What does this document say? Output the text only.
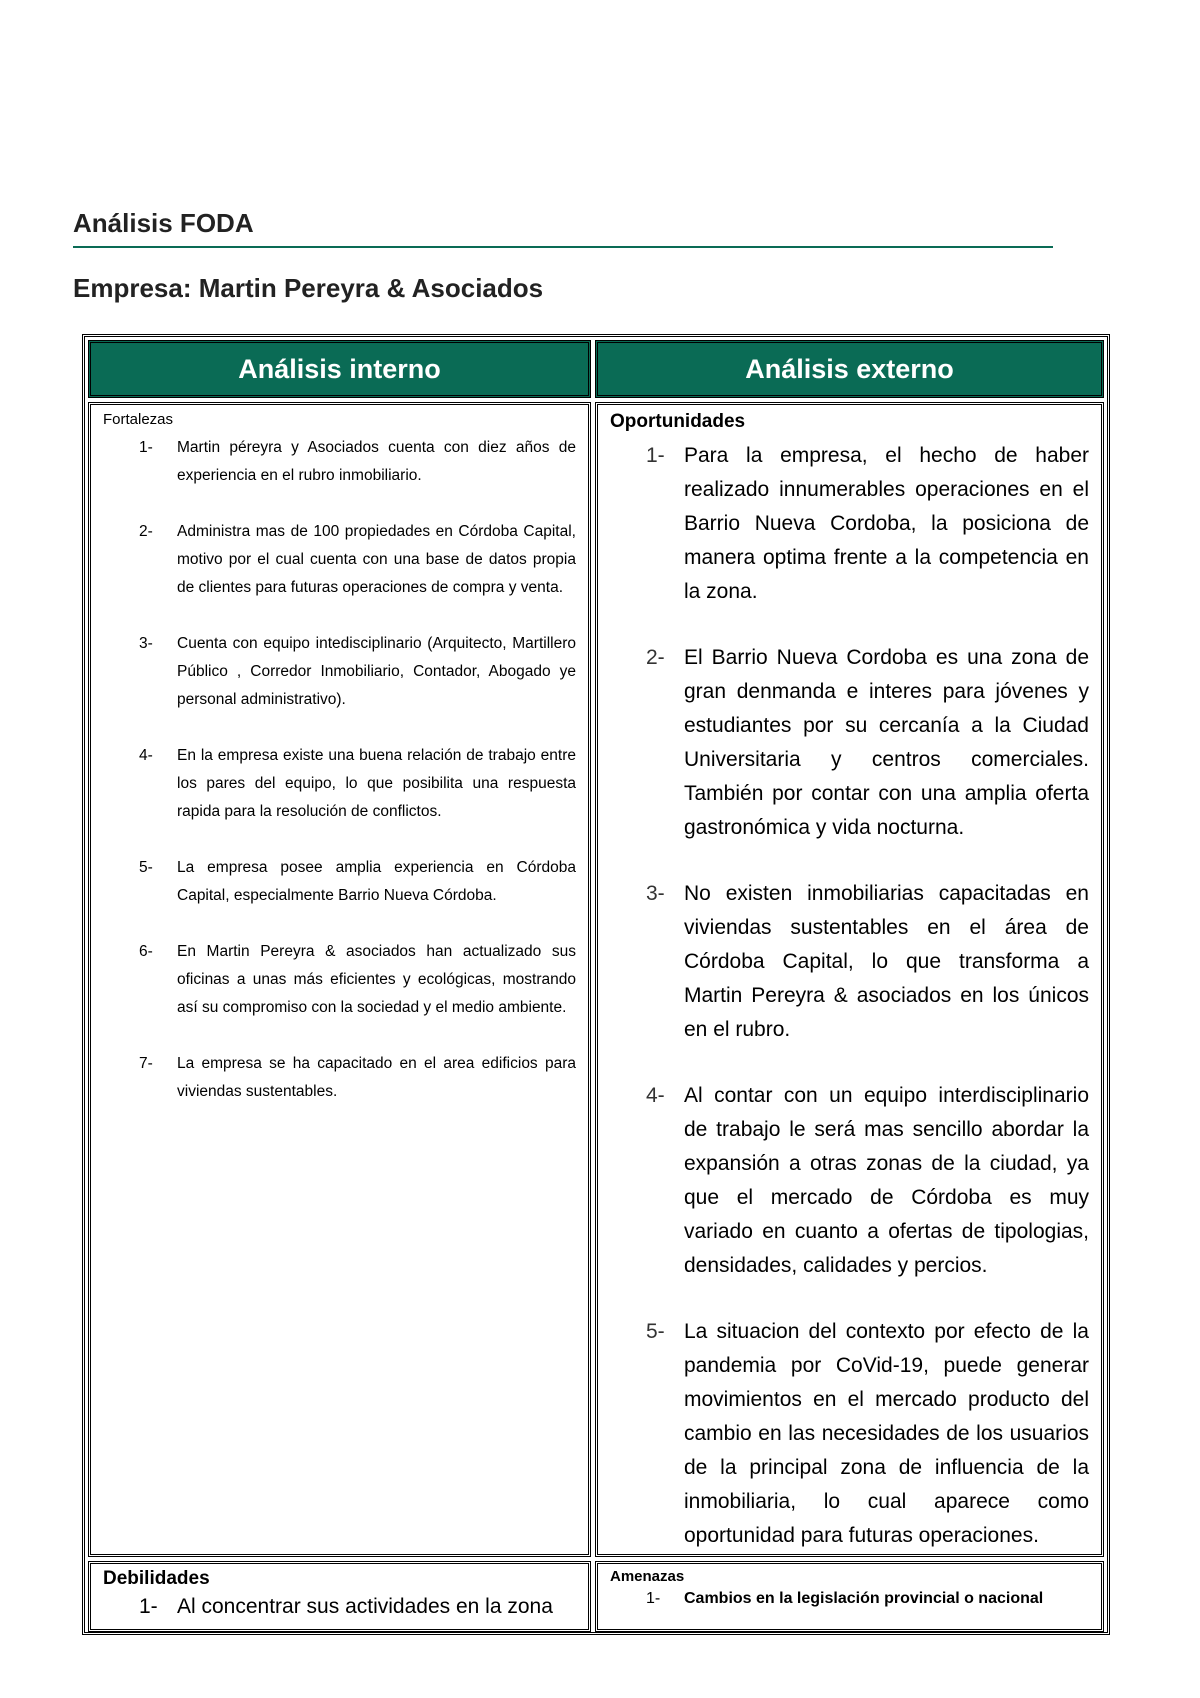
Análisis FODA
Empresa: Martin Pereyra & Asociados
Análisis interno	Análisis externo
Fortalezas
1- Martin péreyra y Asociados cuenta con diez años de experiencia en el rubro inmobiliario.
2- Administra mas de 100 propiedades en Córdoba Capital, motivo por el cual cuenta con una base de datos propia de clientes para futuras operaciones de compra y venta.
3- Cuenta con equipo intedisciplinario (Arquitecto, Martillero Público , Corredor Inmobiliario, Contador, Abogado ye personal administrativo).
4- En la empresa existe una buena relación de trabajo entre los pares del equipo, lo que posibilita una respuesta rapida para la resolución de conflictos.
5- La empresa posee amplia experiencia en Córdoba Capital, especialmente Barrio Nueva Córdoba.
6- En Martin Pereyra & asociados han actualizado sus oficinas a unas más eficientes y ecológicas, mostrando así su compromiso con la sociedad y el medio ambiente.
7- La empresa se ha capacitado en el area edificios para viviendas sustentables.
Oportunidades
1- Para la empresa, el hecho de haber realizado innumerables operaciones en el Barrio Nueva Cordoba, la posiciona de manera optima frente a la competencia en la zona.
2- El Barrio Nueva Cordoba es una zona de gran denmanda e interes para jóvenes y estudiantes por su cercanía a la Ciudad Universitaria y centros comerciales. También por contar con una amplia oferta gastronómica y vida nocturna.
3- No existen inmobiliarias capacitadas en viviendas sustentables en el área de Córdoba Capital, lo que transforma a Martin Pereyra & asociados en los únicos en el rubro.
4- Al contar con un equipo interdisciplinario de trabajo le será mas sencillo abordar la expansión a otras zonas de la ciudad, ya que el mercado de Córdoba es muy variado en cuanto a ofertas de tipologias, densidades, calidades y percios.
5- La situacion del contexto por efecto de la pandemia por CoVid-19, puede generar movimientos en el mercado producto del cambio en las necesidades de los usuarios de la principal zona de influencia de la inmobiliaria, lo cual aparece como oportunidad para futuras operaciones.
Debilidades
1- Al concentrar sus actividades en la zona
Amenazas
1- Cambios en la legislación provincial o nacional
